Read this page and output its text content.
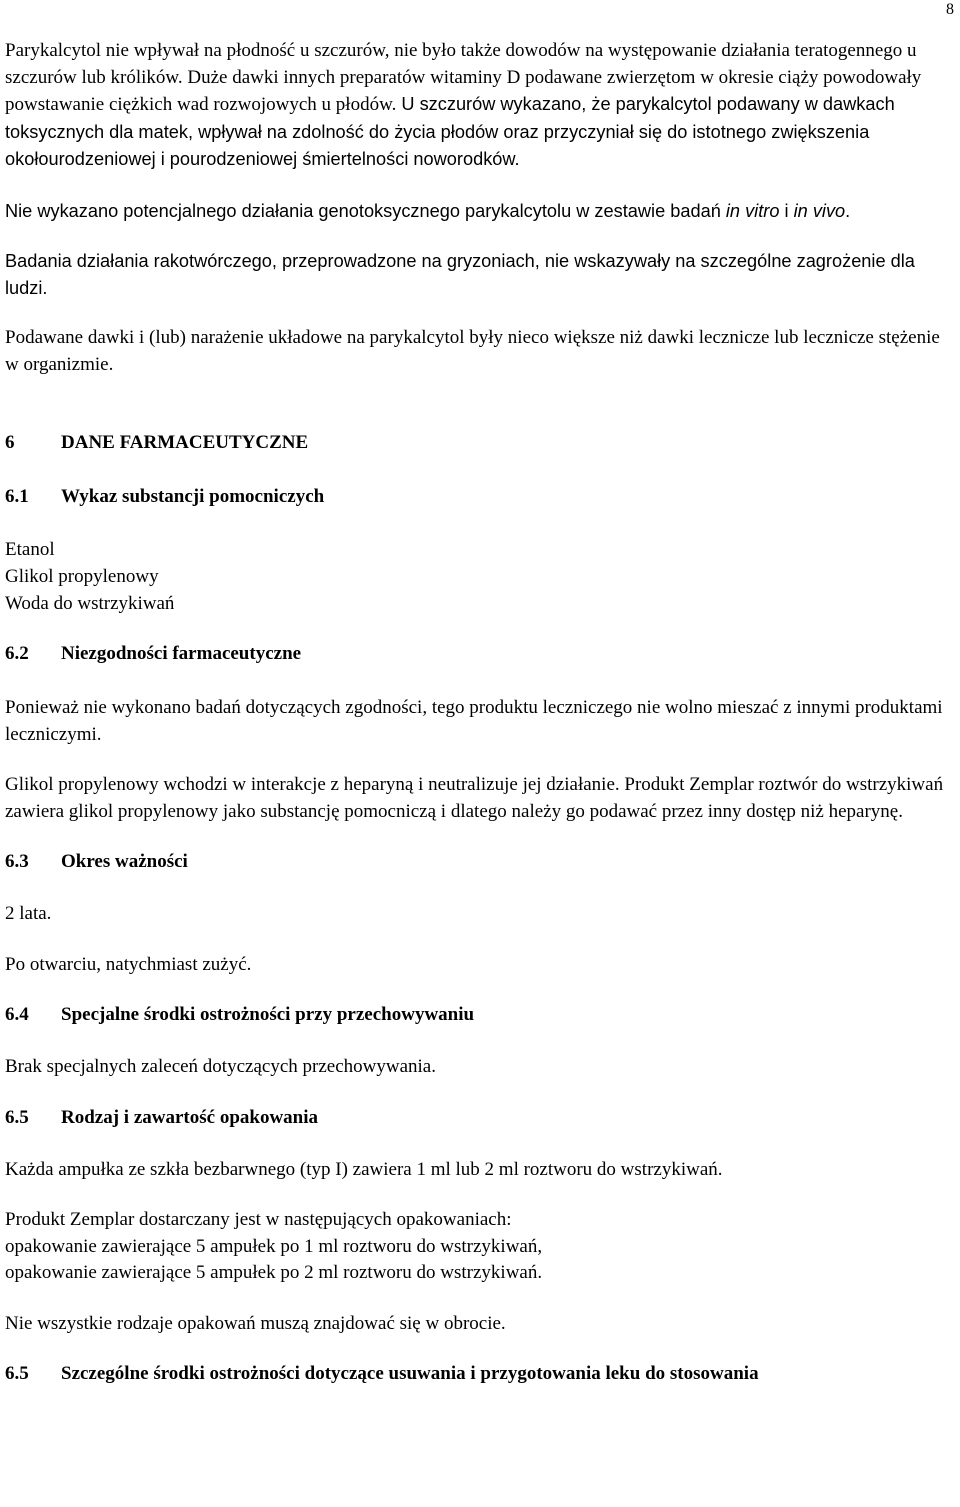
8

Parykalcytol nie wpływał na płodność u szczurów, nie było także dowodów na występowanie działania teratogennego u szczurów lub królików. Duże dawki innych preparatów witaminy D podawane zwierzętom w okresie ciąży powodowały powstawanie ciężkich wad rozwojowych u płodów. U szczurów wykazano, że parykalcytol podawany w dawkach toksycznych dla matek, wpływał na zdolność do życia płodów oraz przyczyniał się do istotnego zwiększenia okołourodzeniowej i pourodzeniowej śmiertelności noworodków.

Nie wykazano potencjalnego działania genotoksycznego parykalcytolu w zestawie badań in vitro i in vivo.

Badania działania rakotwórczego, przeprowadzone na gryzoniach, nie wskazywały na szczególne zagrożenie dla ludzi.

Podawane dawki i (lub) narażenie układowe na parykalcytol były nieco większe niż dawki lecznicze lub lecznicze stężenie w organizmie.

6	DANE FARMACEUTYCZNE
6.1	Wykaz substancji pomocniczych

Etanol

Glikol propylenowy

Woda do wstrzykiwań

6.2	Niezgodności farmaceutyczne

Ponieważ nie wykonano badań dotyczących zgodności, tego produktu leczniczego nie wolno mieszać z innymi produktami leczniczymi.

Glikol propylenowy wchodzi w interakcje z heparyną i neutralizuje jej działanie. Produkt Zemplar roztwór do wstrzykiwań zawiera glikol propylenowy jako substancję pomocniczą i dlatego należy go podawać przez inny dostęp niż heparynę.

6.3	Okres ważności

2 lata.

Po otwarciu, natychmiast zużyć.

6.4	Specjalne środki ostrożności przy przechowywaniu

Brak specjalnych zaleceń dotyczących przechowywania.

6.5	Rodzaj i zawartość opakowania

Każda ampułka ze szkła bezbarwnego (typ I) zawiera 1 ml lub 2 ml roztworu do wstrzykiwań.

Produkt Zemplar dostarczany jest w następujących opakowaniach:

opakowanie zawierające 5 ampułek po 1 ml roztworu do wstrzykiwań,

opakowanie zawierające 5 ampułek po 2 ml roztworu do wstrzykiwań.

Nie wszystkie rodzaje opakowań muszą znajdować się w obrocie.

6.5	Szczególne środki ostrożności dotyczące usuwania i przygotowania leku do stosowania
